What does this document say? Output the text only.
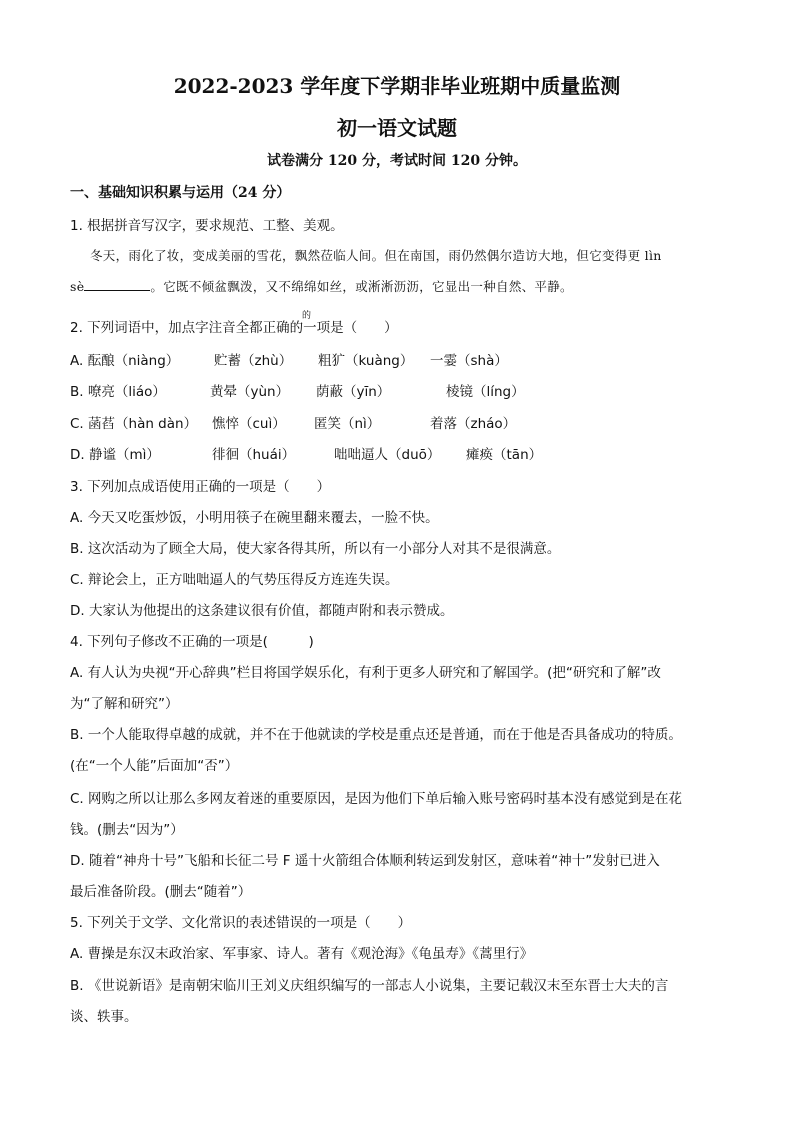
2022-2023 学年度下学期非毕业班期中质量监测
初一语文试题
试卷满分 120 分，考试时间 120 分钟。
一、基础知识积累与运用（24 分）
1. 根据拼音写汉字，要求规范、工整、美观。
冬天，雨化了妆，变成美丽的雪花，飘然莅临人间。但在南国，雨仍然偶尔造访大地，但它变得更 lìn
sè	。它既不倾盆飘泼，又不绵绵如丝，或淅淅沥沥，它显出一种自然、平静。
2. 下列词语中，加点字注音全都正确的一项是（　　）
的
A. 酝酿（niàng）	贮蓄（zhù） 粗犷（kuàng） 一霎（shà）
B. 嘹亮（liáo）	黄晕（yùn） 荫蔽（yīn）	棱镜（líng）
C. 菡萏（hàn dàn） 憔悴（cuì） 匿笑（nì）	着落（zháo）
D. 静谧（mì）	徘徊（huái）	咄咄逼人（duō） 瘫痪（tān）
3. 下列加点成语使用正确的一项是（　　）
A. 今天又吃蛋炒饭，小明用筷子在碗里翻来覆去，一脸不快。
B. 这次活动为了顾全大局，使大家各得其所，所以有一小部分人对其不是很满意。
C. 辩论会上，正方咄咄逼人的气势压得反方连连失误。
D. 大家认为他提出的这条建议很有价值，都随声附和表示赞成。
4. 下列句子修改不正确的一项是(　　　)
A. 有人认为央视“开心辞典”栏目将国学娱乐化，有利于更多人研究和了解国学。(把“研究和了解”改
为“了解和研究”）
B. 一个人能取得卓越的成就，并不在于他就读的学校是重点还是普通，而在于他是否具备成功的特质。
(在“一个人能”后面加“否”）
C. 网购之所以让那么多网友着迷的重要原因，是因为他们下单后输入账号密码时基本没有感觉到是在花
钱。(删去“因为”）
D. 随着“神舟十号”飞船和长征二号 F 遥十火箭组合体顺利转运到发射区，意味着“神十”发射已进入
最后准备阶段。(删去“随着”）
5. 下列关于文学、文化常识的表述错误的一项是（　　）
A. 曹操是东汉末政治家、军事家、诗人。著有《观沧海》《龟虽寿》《蒿里行》
B. 《世说新语》是南朝宋临川王刘义庆组织编写的一部志人小说集，主要记载汉末至东晋士大夫的言
谈、轶事。
